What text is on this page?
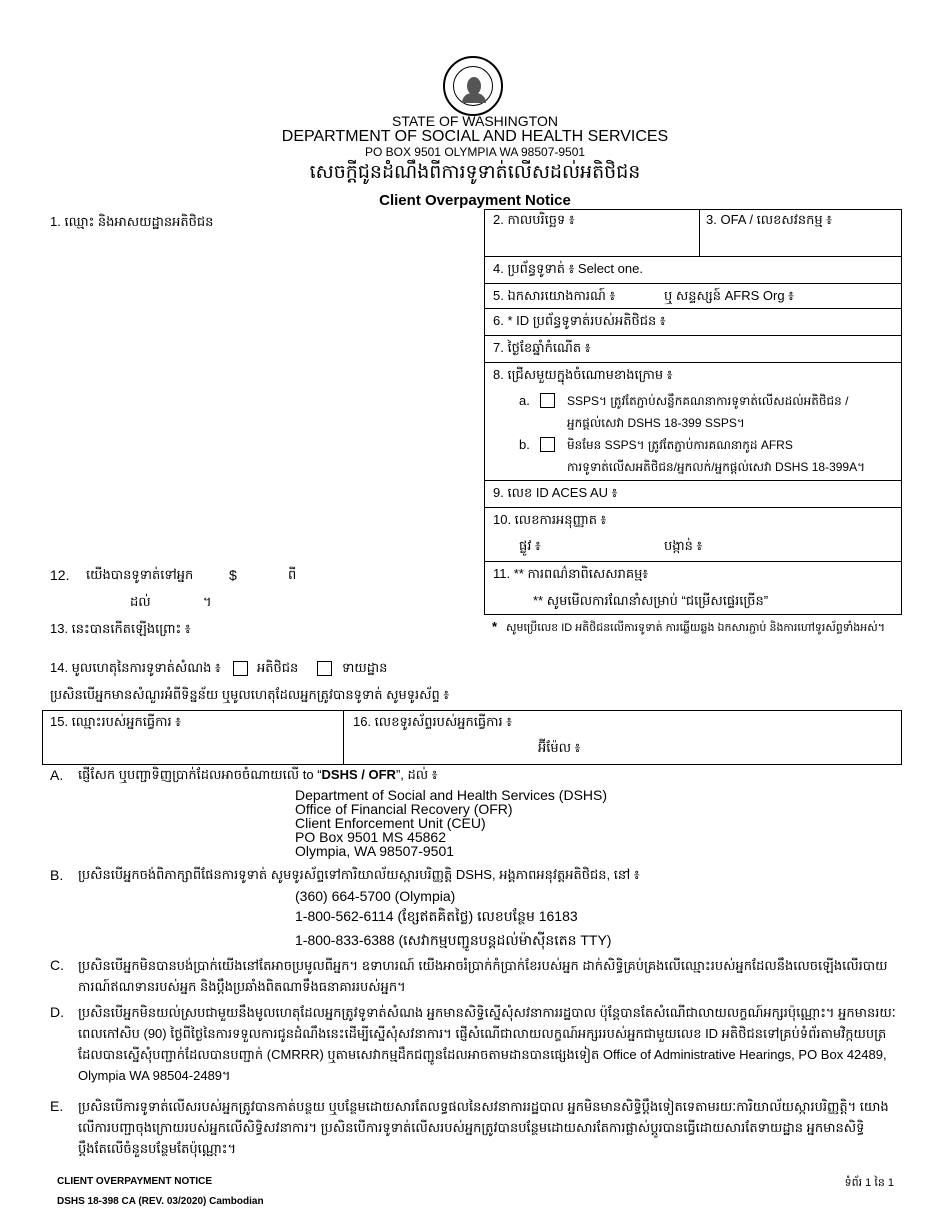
STATE OF WASHINGTON
DEPARTMENT OF SOCIAL AND HEALTH SERVICES
PO BOX 9501 OLYMPIA WA 98507-9501
សេចក្ដីជូនដំណឹងពីការទូទាត់លើសដល់អតិថិជន
Client Overpayment Notice
1. ឈ្មោះ និងអាសយដ្ឋានអតិថិជន	2. កាលបរិច្ឆេទ ៖	3. OFA / លេខសវនកម្ម ៖
4. ប្រព័ន្ធទូទាត់ ៖ Select one.
5. ឯកសារយោងការណ៍ ៖	ឬ សន្ទស្សន៍ AFRS Org ៖
6. * ID ប្រព័ន្ធទូទាត់របស់អតិថិជន ៖
7. ថ្ងៃខែឆ្នាំកំណើត ៖
8. ជ្រើសមួយក្នុងចំណោមខាងក្រោម ៖
a.	SSPS។ ត្រូវតែភ្ជាប់សន្លឹកគណនាការទូទាត់លើសដល់អតិថិជន /
អ្នកផ្តល់សេវា DSHS 18-399 SSPS។
b.	មិនមែន SSPS។ ត្រូវតែភ្ជាប់ការគណនាកូដ AFRS
ការទូទាត់លើសអតិថិជន/អ្នកលក់/អ្នកផ្តល់សេវា DSHS 18-399A។
9. លេខ ID ACES AU ៖
10. លេខការអនុញ្ញាត ៖
ផ្លូវ ៖	បង្កាន់ ៖
11. ** ការពណ៌នាពិសេសរាគម្ម៖
** សូមមើលការណែនាំសម្រាប់ “ជម្រើសផ្ទេរច្រើន”
* សូមប្រើលេខ ID អតិថិជនលើការទូទាត់ ការឆ្លើយឆ្លង ឯកសារភ្ជាប់ និងការហៅទូរស័ព្ទទាំងអស់។
12. យើងបានទូទាត់ទៅអ្នក	$	ពី
ដល់	។
13. នេះបានកើតឡើងព្រោះ ៖
14. មូលហេតុនៃការទូទាត់សំណង ៖	អតិថិជន	ទាយដ្ឋាន
ប្រសិនបើអ្នកមានសំណួរអំពីទិន្នន័យ ឬមូលហេតុដែលអ្នកត្រូវបានទូទាត់ សូមទូរស័ព្ទ ៖
15. ឈ្មោះរបស់អ្នកធ្វើការ ៖	16. លេខទូរស័ព្ទរបស់អ្នកធ្វើការ ៖
អ៊ីម៉ែល ៖
A. ផ្ញើសែក ឬបញ្ជាទិញប្រាក់ដែលអាចចំណាយលើ to “DSHS / OFR”, ដល់ ៖
Department of Social and Health Services (DSHS)
Office of Financial Recovery (OFR)
Client Enforcement Unit (CEU)
PO Box 9501 MS 45862
Olympia, WA 98507-9501
B. ប្រសិនបើអ្នកចង់ពិភាក្សាពីផែនការទូទាត់ សូមទូរស័ព្ទទៅការិយាល័យស្ការបរិញ្ញត្តិ DSHS, អង្គភាពអនុវត្តអតិថិជន, នៅ ៖
(360) 664-5700 (Olympia)
1-800-562-6114 (ខ្សែឥតគិតថ្លៃ) លេខបន្ថែម 16183
1-800-833-6388 (សេវាកម្មបញ្ជូនបន្តដល់ម៉ាស៊ីនតេន TTY)
C. ប្រសិនបើអ្នកមិនបានបង់ប្រាក់យើងនៅតែអាចប្រមូលពីអ្នក។ ឧទាហរណ៍ យើងអាចរំប្រាក់កំប្រាក់ខែរបស់អ្នក ដាក់សិទ្ធិគ្រប់គ្រងលើឈ្មោះរបស់អ្នកដែលនឹងលេចឡើងលើរបាយការណ៍ឥណទានរបស់អ្នក និងប្តឹងប្រឆាំងពិតណាទឹងធនាគាររបស់អ្នក។
D. ប្រសិនបើអ្នកមិនយល់ស្របជាមួយនឹងមូលហេតុដែលអ្នកត្រូវទូទាត់សំណង អ្នកមានសិទ្ធិស្នើសុំសវនាការរដ្ឋបាល ប៉ុន្តែបានតែសំណើជាលាយលក្ខណ៍អក្សរប៉ុណ្ណោះ។ អ្នកមានរយៈពេលកៅសិប (90) ថ្ងៃពីថ្ងៃនៃការទទួលការជូនដំណឹងនេះដើម្បីស្នើសុំសវនាការ។ ផ្ញើសំណើជាលាយលក្ខណ៍អក្សររបស់អ្នកជាមួយលេខ ID អតិថិជនទៅគ្រប់ទំព័រតាមវិក្កយបត្រដែលបានស្នើសុំបញ្ជាក់ដែលបានបញ្ជាក់ (CMRRR) ឬតាមសេវាកម្មដឹកជញ្ជូនដែលអាចតាមដានបានផ្សេងទៀត Office of Administrative Hearings, PO Box 42489, Olympia WA 98504-2489។
E. ប្រសិនបើការទូទាត់លើសរបស់អ្នកត្រូវបានកាត់បន្ថយ ឬបន្ថែមដោយសារតែលទ្ធផលនៃសវនាការរដ្ឋបាល អ្នកមិនមានសិទ្ធិប្តឹងទៀតទេតាមរយៈការិយាល័យស្ការបរិញ្ញត្តិ។ យោងលើការបញ្ជាចុងក្រោយរបស់អ្នកលើសិទ្ធិសវនាការ។ ប្រសិនបើការទូទាត់លើសរបស់អ្នកត្រូវបានបន្ថែមដោយសារតែការផ្លាស់ប្តូរបានធ្វើដោយសារតែទាយដ្ឋាន អ្នកមានសិទ្ធិប្តឹងតែលើចំនួនបន្ថែមតែប៉ុណ្ណោះ។
CLIENT OVERPAYMENT NOTICE
DSHS 18-398 CA (REV. 03/2020) Cambodian
ទំព័រ 1 នៃ 1
